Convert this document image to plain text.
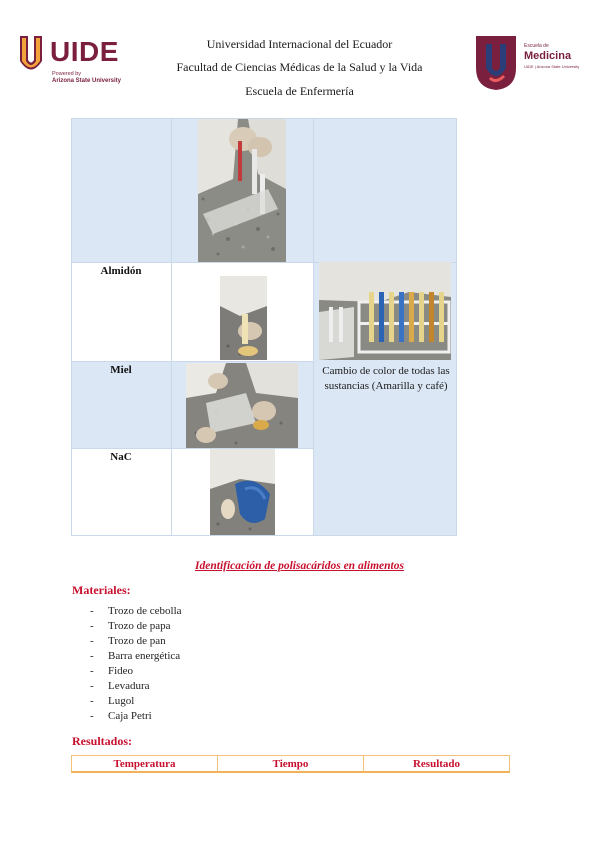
UIDE
Powered by
Arizona State University
Universidad Internacional del Ecuador
Facultad de Ciencias Médicas de la Salud y la Vida
Escuela de Enfermería
Escuela de
Medicina
UIDE | Arizona State University
Almidón
Miel
NaC
Cambio de color de todas las sustancias (Amarilla y café)
Identificación de polisacáridos en alimentos
Materiales:
- Trozo de cebolla
- Trozo de papa
- Trozo de pan
- Barra energética
- Fideo
- Levadura
- Lugol
- Caja Petri
Resultados:
Temperatura	Tiempo	Resultado
